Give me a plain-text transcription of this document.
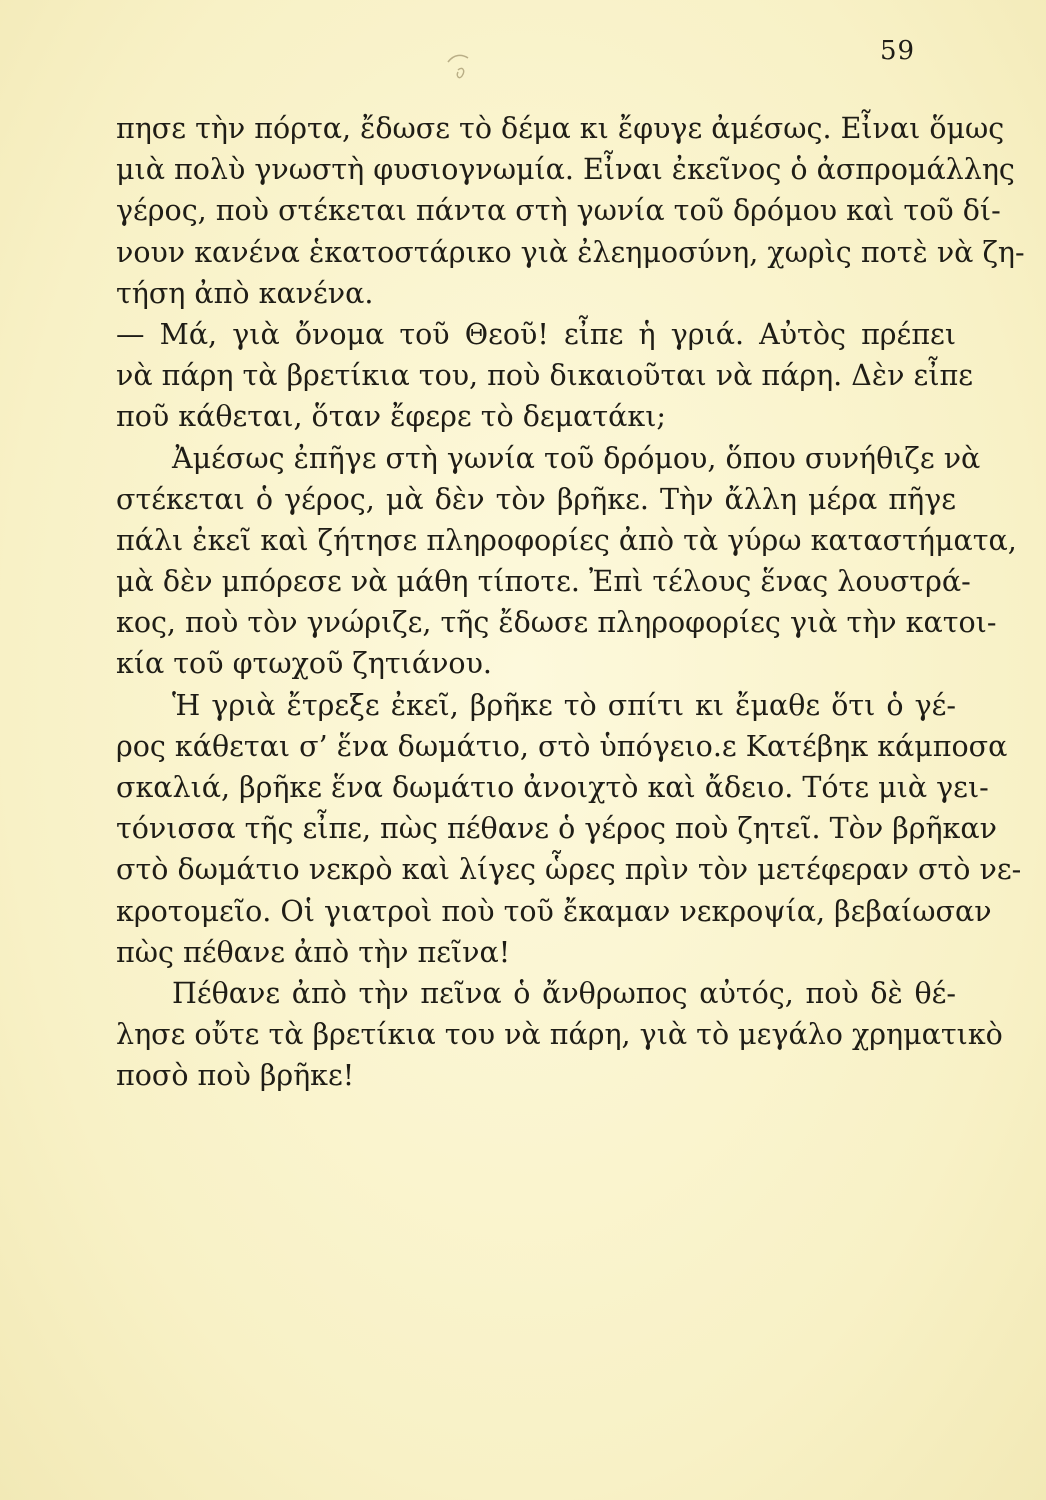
59
πησε τὴν πόρτα, ἔδωσε τὸ δέμα κι ἔφυγε ἀμέσως. Εἶναι ὅμως
μιὰ πολὺ γνωστὴ φυσιογνωμία. Εἶναι ἐκεῖνος ὁ ἀσπρομάλλης
γέρος, ποὺ στέκεται πάντα στὴ γωνία τοῦ δρόμου καὶ τοῦ δί-
νουν κανένα ἑκατοστάρικο γιὰ ἐλεημοσύνη, χωρὶς ποτὲ νὰ ζη-
τήση ἀπὸ κανένα.
— Μά, γιὰ ὄνομα τοῦ Θεοῦ! εἶπε ἡ γριά. Αὐτὸς πρέπει
νὰ πάρη τὰ βρετίκια του, ποὺ δικαιοῦται νὰ πάρη. Δὲν εἶπε
ποῦ κάθεται, ὅταν ἔφερε τὸ δεματάκι;
Ἀμέσως ἐπῆγε στὴ γωνία τοῦ δρόμου, ὅπου συνήθιζε νὰ
στέκεται ὁ γέρος, μὰ δὲν τὸν βρῆκε. Τὴν ἄλλη μέρα πῆγε
πάλι ἐκεῖ καὶ ζήτησε πληροφορίες ἀπὸ τὰ γύρω καταστήματα,
μὰ δὲν μπόρεσε νὰ μάθη τίποτε. Ἐπὶ τέλους ἕνας λουστρά-
κος, ποὺ τὸν γνώριζε, τῆς ἔδωσε πληροφορίες γιὰ τὴν κατοι-
κία τοῦ φτωχοῦ ζητιάνου.
Ἡ γριὰ ἔτρεξε ἐκεῖ, βρῆκε τὸ σπίτι κι ἔμαθε ὅτι ὁ γέ-
ρος κάθεται σ’ ἕνα δωμάτιο, στὸ ὑπόγειο.ε Κατέβηκ κάμποσα
σκαλιά, βρῆκε ἕνα δωμάτιο ἀνοιχτὸ καὶ ἄδειο. Τότε μιὰ γει-
τόνισσα τῆς εἶπε, πὼς πέθανε ὁ γέρος ποὺ ζητεῖ. Τὸν βρῆκαν
στὸ δωμάτιο νεκρὸ καὶ λίγες ὧρες πρὶν τὸν μετέφεραν στὸ νε-
κροτομεῖο. Οἱ γιατροὶ ποὺ τοῦ ἔκαμαν νεκροψία, βεβαίωσαν
πὼς πέθανε ἀπὸ τὴν πεῖνα!
Πέθανε ἀπὸ τὴν πεῖνα ὁ ἄνθρωπος αὐτός, ποὺ δὲ θέ-
λησε οὔτε τὰ βρετίκια του νὰ πάρη, γιὰ τὸ μεγάλο χρηματικὸ
ποσὸ ποὺ βρῆκε!
